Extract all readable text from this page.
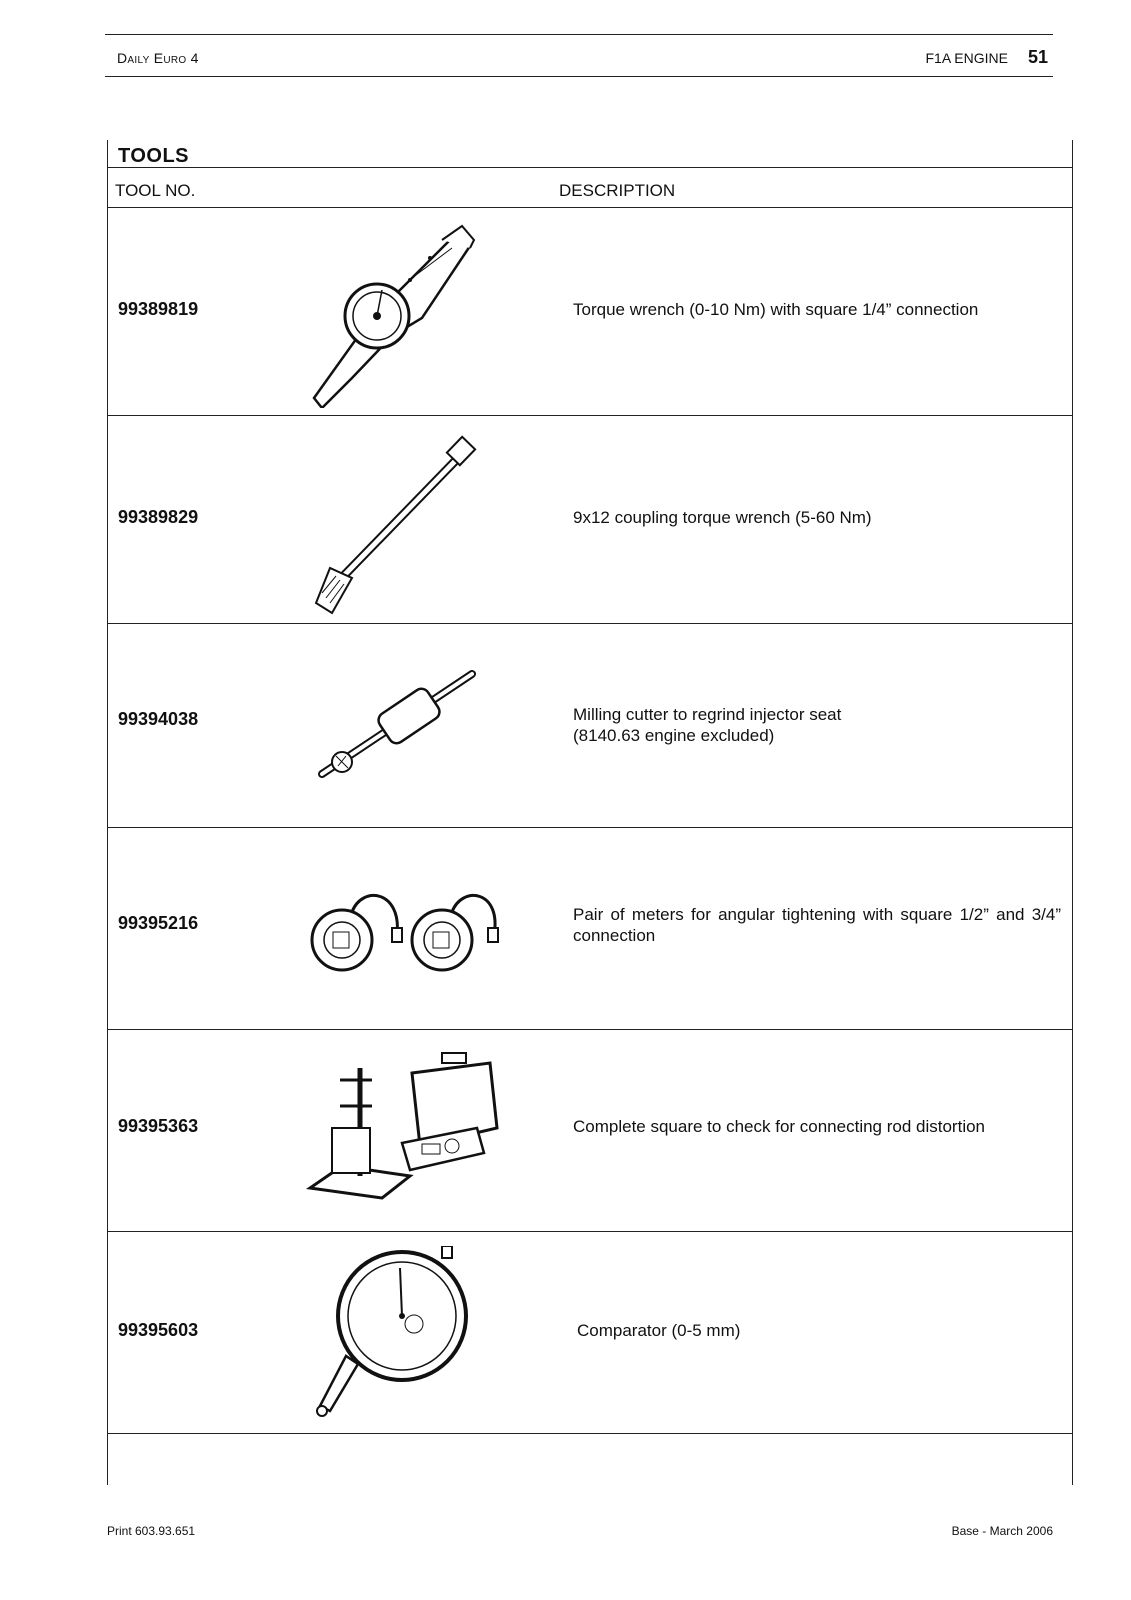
Daily Euro 4	F1A ENGINE 51
TOOLS
TOOL NO.	DESCRIPTION
99389819	Torque wrench (0-10 Nm) with square 1/4” connection
99389829	9x12 coupling torque wrench (5-60 Nm)
99394038	Milling cutter to regrind injector seat
(8140.63 engine excluded)
99395216	Pair of meters for angular tightening with square 1/2” and 3/4” connection
99395363	Complete square to check for connecting rod distortion
99395603	Comparator (0-5 mm)
Print 603.93.651	Base - March 2006
